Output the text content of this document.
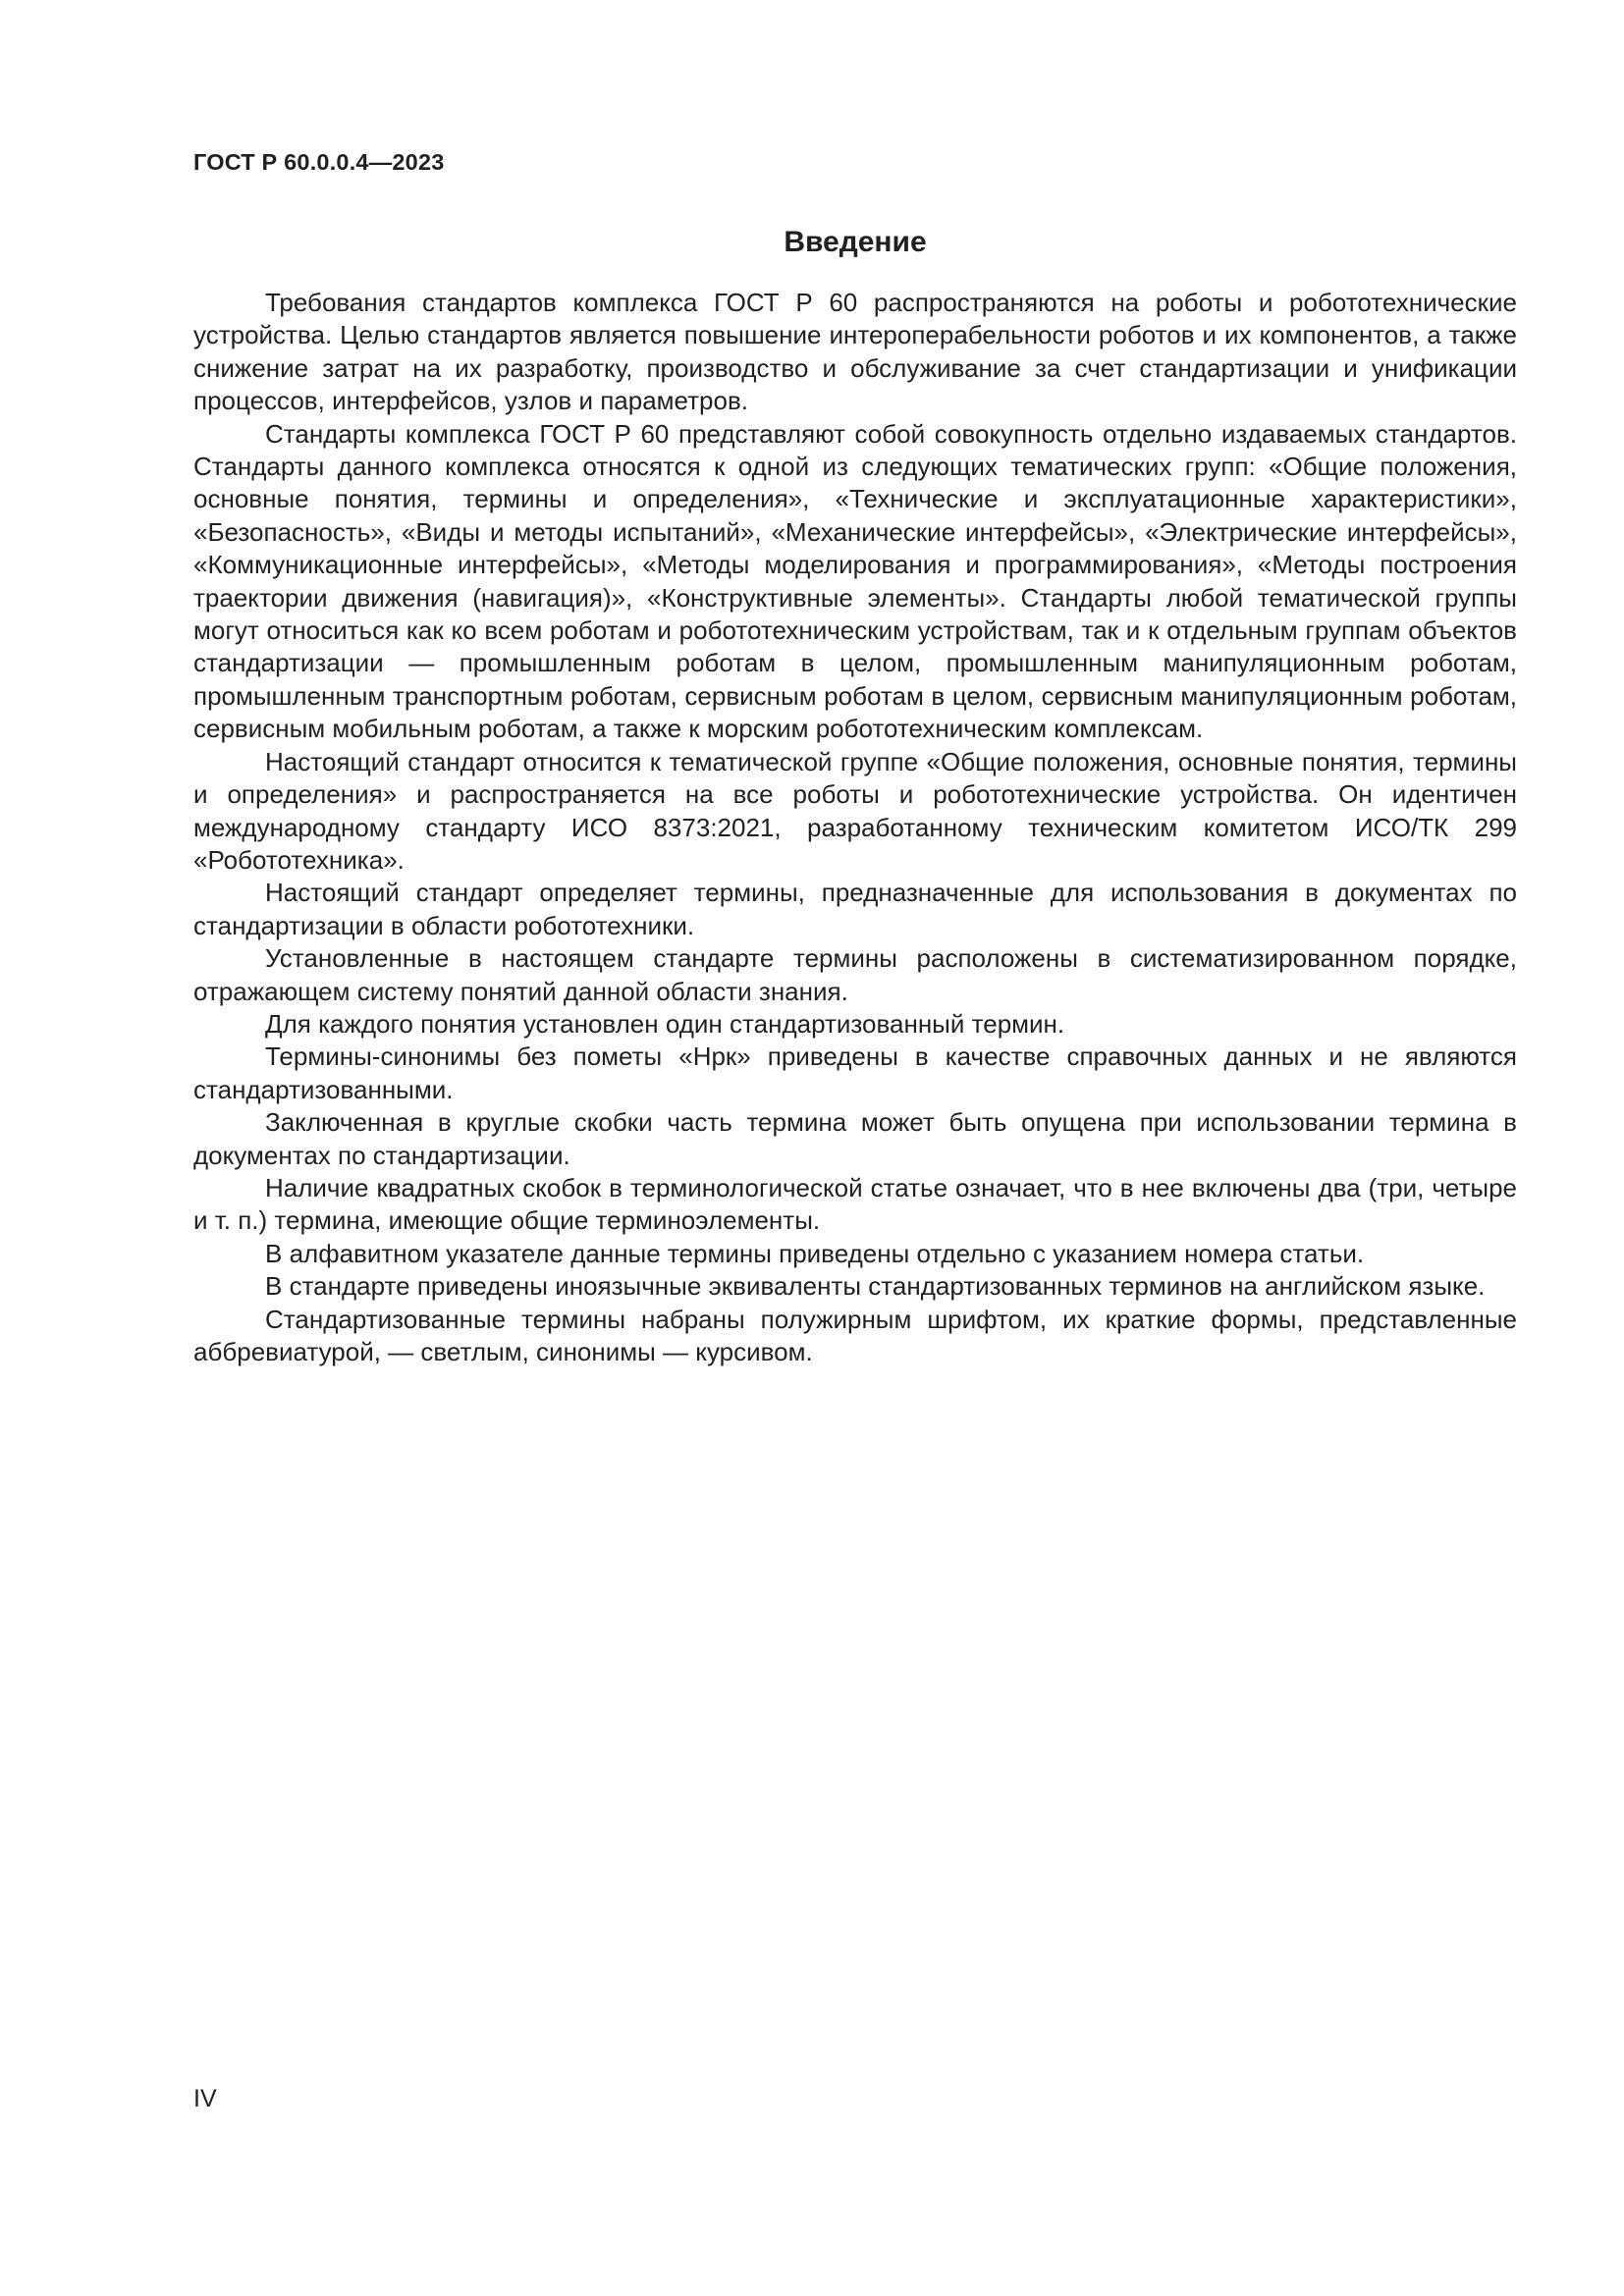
ГОСТ Р 60.0.0.4—2023
Введение

Требования стандартов комплекса ГОСТ Р 60 распространяются на роботы и робототехнические устройства. Целью стандартов является повышение интероперабельности роботов и их компонентов, а также снижение затрат на их разработку, производство и обслуживание за счет стандартизации и унификации процессов, интерфейсов, узлов и параметров.

Стандарты комплекса ГОСТ Р 60 представляют собой совокупность отдельно издаваемых стандартов. Стандарты данного комплекса относятся к одной из следующих тематических групп: «Общие положения, основные понятия, термины и определения», «Технические и эксплуатационные характеристики», «Безопасность», «Виды и методы испытаний», «Механические интерфейсы», «Электрические интерфейсы», «Коммуникационные интерфейсы», «Методы моделирования и программирования», «Методы построения траектории движения (навигация)», «Конструктивные элементы». Стандарты любой тематической группы могут относиться как ко всем роботам и робототехническим устройствам, так и к отдельным группам объектов стандартизации — промышленным роботам в целом, промышленным манипуляционным роботам, промышленным транспортным роботам, сервисным роботам в целом, сервисным манипуляционным роботам, сервисным мобильным роботам, а также к морским робототехническим комплексам.

Настоящий стандарт относится к тематической группе «Общие положения, основные понятия, термины и определения» и распространяется на все роботы и робототехнические устройства. Он идентичен международному стандарту ИСО 8373:2021, разработанному техническим комитетом ИСО/ТК 299 «Робототехника».

Настоящий стандарт определяет термины, предназначенные для использования в документах по стандартизации в области робототехники.

Установленные в настоящем стандарте термины расположены в систематизированном порядке, отражающем систему понятий данной области знания.

Для каждого понятия установлен один стандартизованный термин.

Термины-синонимы без пометы «Нрк» приведены в качестве справочных данных и не являются стандартизованными.

Заключенная в круглые скобки часть термина может быть опущена при использовании термина в документах по стандартизации.

Наличие квадратных скобок в терминологической статье означает, что в нее включены два (три, четыре и т. п.) термина, имеющие общие терминоэлементы.

В алфавитном указателе данные термины приведены отдельно с указанием номера статьи.

В стандарте приведены иноязычные эквиваленты стандартизованных терминов на английском языке.

Стандартизованные термины набраны полужирным шрифтом, их краткие формы, представленные аббревиатурой, — светлым, синонимы — курсивом.

IV
